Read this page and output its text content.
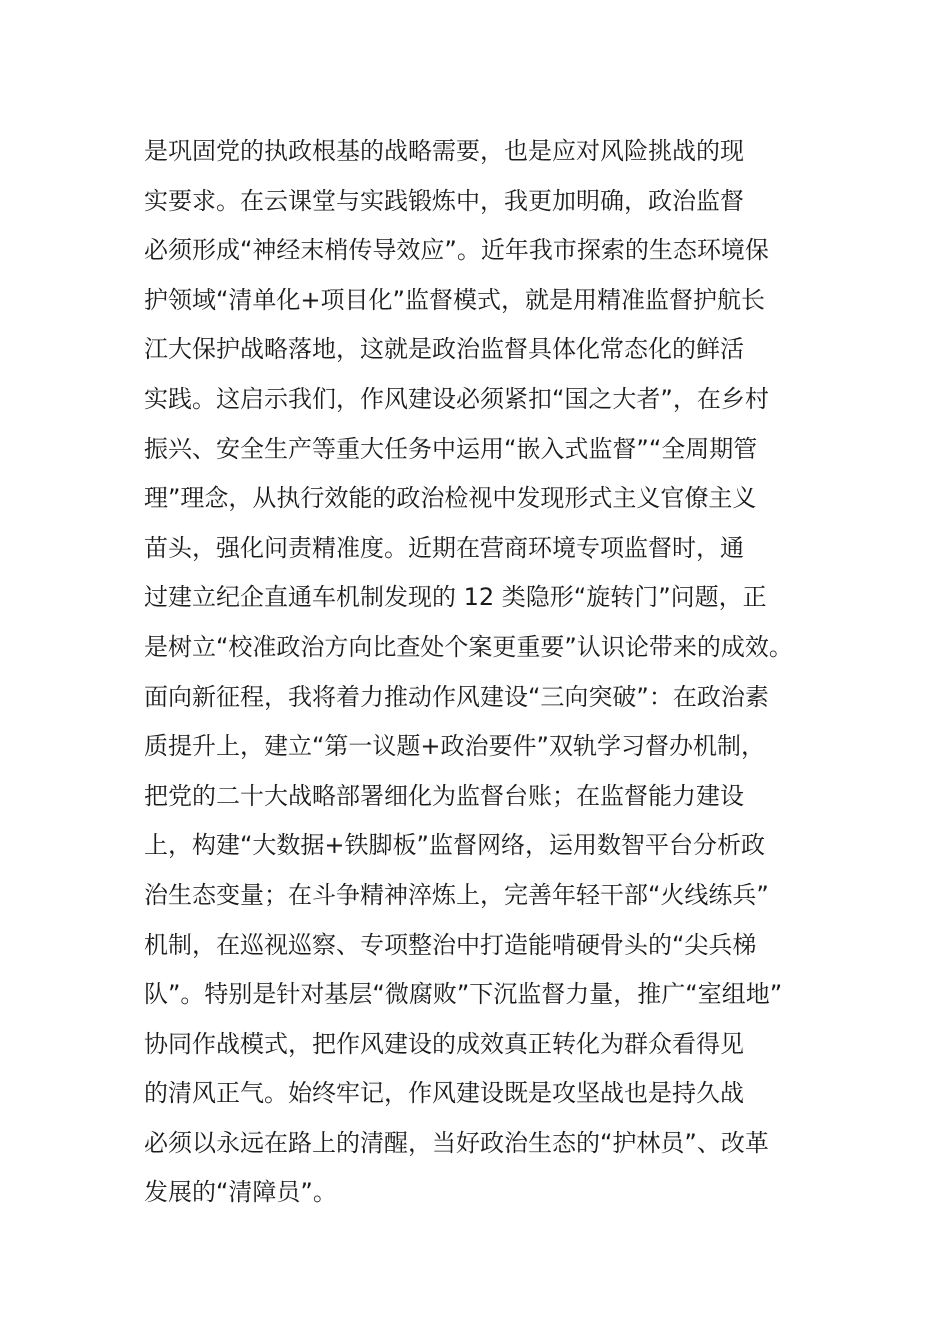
是巩固党的执政根基的战略需要，也是应对风险挑战的现
实要求。在云课堂与实践锻炼中，我更加明确，政治监督
必须形成“神经末梢传导效应”。近年我市探索的生态环境保
护领域“清单化+项目化”监督模式，就是用精准监督护航长
江大保护战略落地，这就是政治监督具体化常态化的鲜活
实践。这启示我们，作风建设必须紧扣“国之大者”，在乡村
振兴、安全生产等重大任务中运用“嵌入式监督”“全周期管
理”理念，从执行效能的政治检视中发现形式主义官僚主义
苗头，强化问责精准度。近期在营商环境专项监督时，通
过建立纪企直通车机制发现的 12 类隐形“旋转门”问题，正
是树立“校准政治方向比查处个案更重要”认识论带来的成效。
面向新征程，我将着力推动作风建设“三向突破”：在政治素
质提升上，建立“第一议题+政治要件”双轨学习督办机制，
把党的二十大战略部署细化为监督台账；在监督能力建设
上，构建“大数据+铁脚板”监督网络，运用数智平台分析政
治生态变量；在斗争精神淬炼上，完善年轻干部“火线练兵”
机制，在巡视巡察、专项整治中打造能啃硬骨头的“尖兵梯
队”。特别是针对基层“微腐败”下沉监督力量，推广“室组地”
协同作战模式，把作风建设的成效真正转化为群众看得见
的清风正气。始终牢记，作风建设既是攻坚战也是持久战
必须以永远在路上的清醒，当好政治生态的“护林员”、改革
发展的“清障员”。
